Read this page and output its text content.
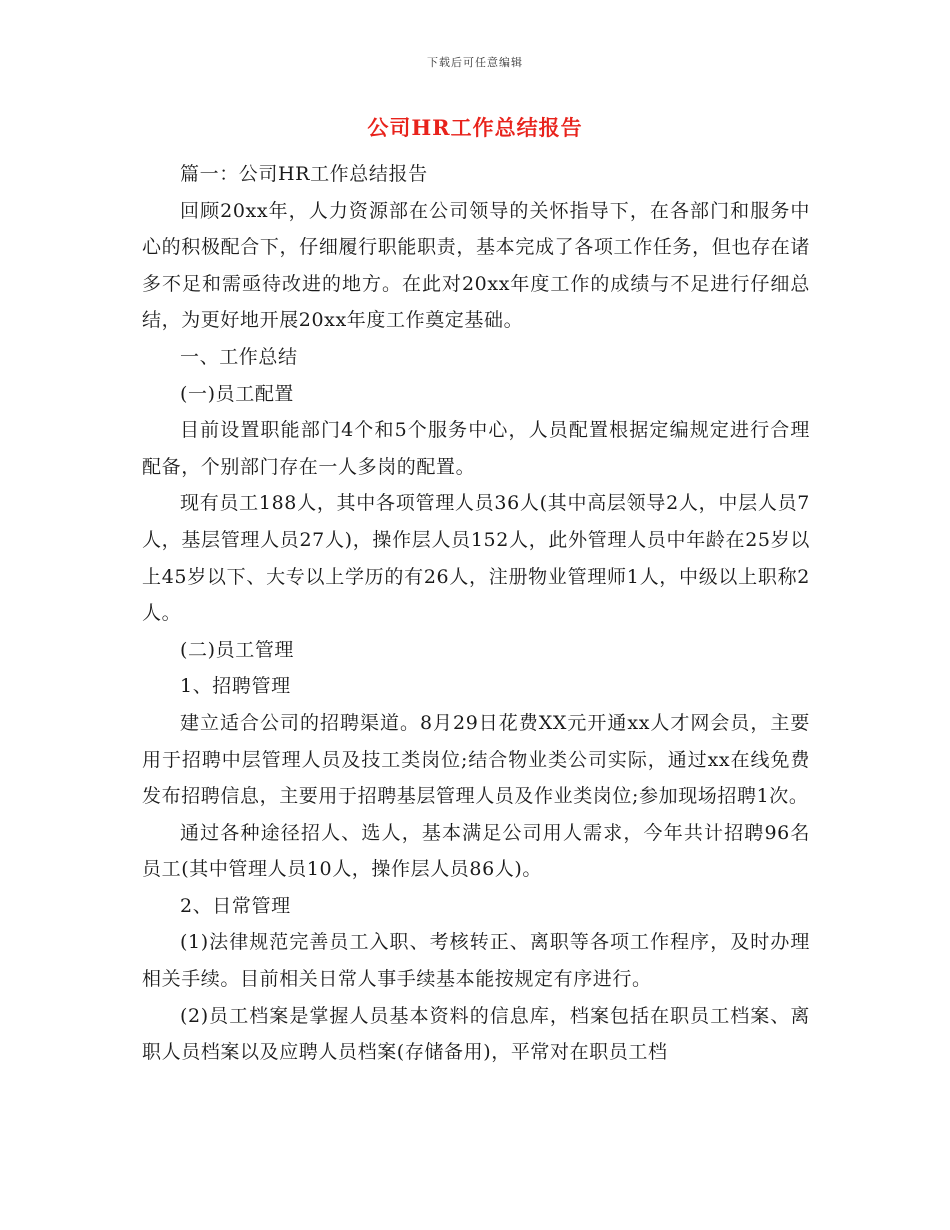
下载后可任意编辑
公司HR工作总结报告

篇一：公司HR工作总结报告

回顾20xx年，人力资源部在公司领导的关怀指导下，在各部门和服务中心的积极配合下，仔细履行职能职责，基本完成了各项工作任务，但也存在诸多不足和需亟待改进的地方。在此对20xx年度工作的成绩与不足进行仔细总结，为更好地开展20xx年度工作奠定基础。

一、工作总结

(一)员工配置

目前设置职能部门4个和5个服务中心，人员配置根据定编规定进行合理配备，个别部门存在一人多岗的配置。

现有员工188人，其中各项管理人员36人(其中高层领导2人，中层人员7人，基层管理人员27人)，操作层人员152人，此外管理人员中年龄在25岁以上45岁以下、大专以上学历的有26人，注册物业管理师1人，中级以上职称2人。

(二)员工管理

1、招聘管理

建立适合公司的招聘渠道。8月29日花费XX元开通xx人才网会员，主要用于招聘中层管理人员及技工类岗位;结合物业类公司实际，通过xx在线免费发布招聘信息，主要用于招聘基层管理人员及作业类岗位;参加现场招聘1次。

通过各种途径招人、选人，基本满足公司用人需求，今年共计招聘96名员工(其中管理人员10人，操作层人员86人)。

2、日常管理

(1)法律规范完善员工入职、考核转正、离职等各项工作程序，及时办理相关手续。目前相关日常人事手续基本能按规定有序进行。

(2)员工档案是掌握人员基本资料的信息库，档案包括在职员工档案、离职人员档案以及应聘人员档案(存储备用)，平常对在职员工档
